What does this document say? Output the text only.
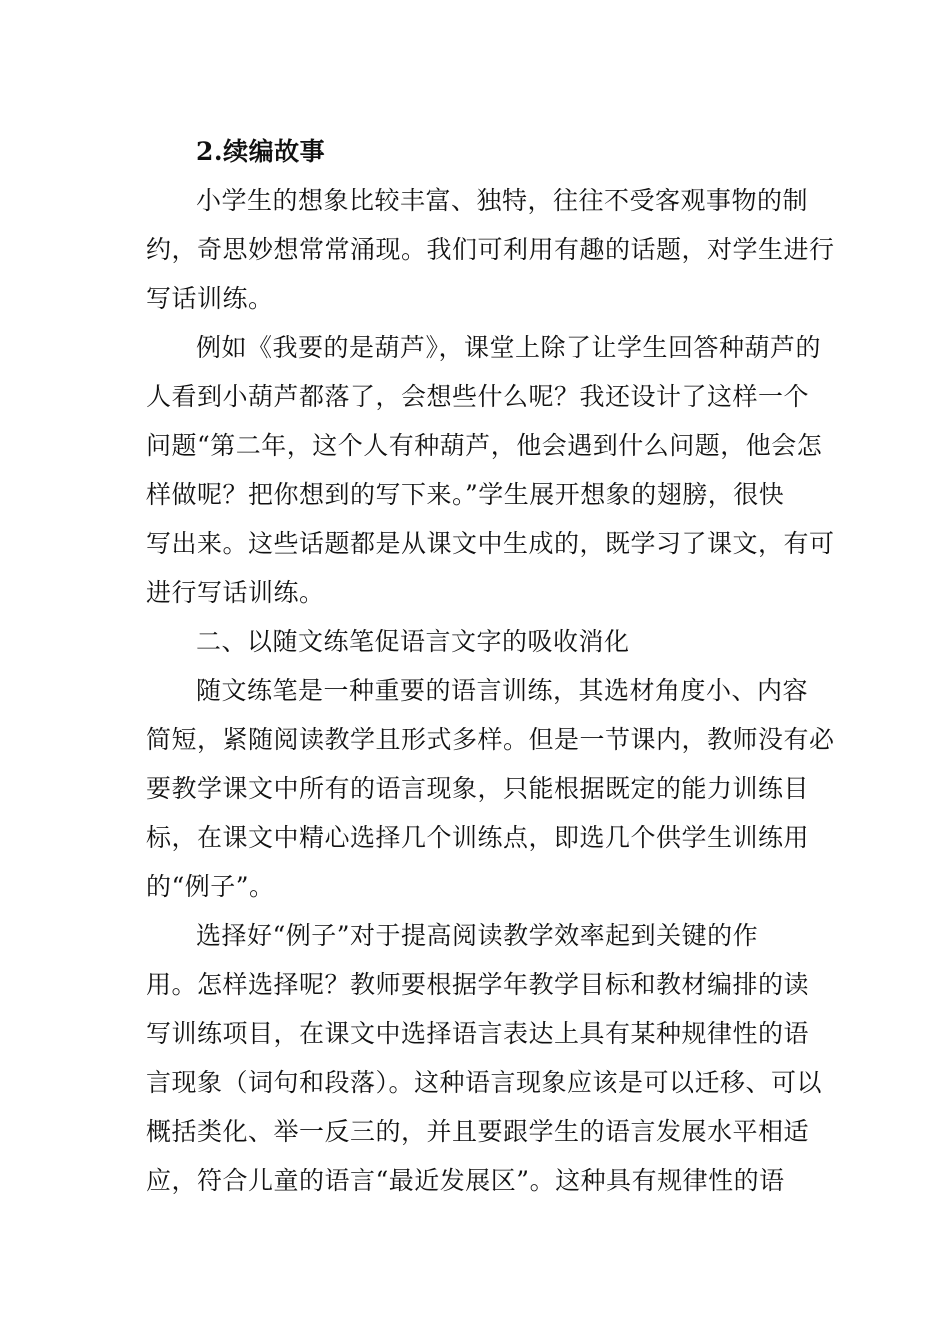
2.续编故事
小学生的想象比较丰富、独特，往往不受客观事物的制
约，奇思妙想常常涌现。我们可利用有趣的话题，对学生进行
写话训练。
例如《我要的是葫芦》，课堂上除了让学生回答种葫芦的
人看到小葫芦都落了，会想些什么呢？我还设计了这样一个
问题“第二年，这个人有种葫芦，他会遇到什么问题，他会怎
样做呢？把你想到的写下来。”学生展开想象的翅膀，很快
写出来。这些话题都是从课文中生成的，既学习了课文，有可
进行写话训练。
二、以随文练笔促语言文字的吸收消化
随文练笔是一种重要的语言训练，其选材角度小、内容
简短，紧随阅读教学且形式多样。但是一节课内，教师没有必
要教学课文中所有的语言现象，只能根据既定的能力训练目
标，在课文中精心选择几个训练点，即选几个供学生训练用
的“例子”。
选择好“例子”对于提高阅读教学效率起到关键的作
用。怎样选择呢？教师要根据学年教学目标和教材编排的读
写训练项目，在课文中选择语言表达上具有某种规律性的语
言现象（词句和段落）。这种语言现象应该是可以迁移、可以
概括类化、举一反三的，并且要跟学生的语言发展水平相适
应，符合儿童的语言“最近发展区”。这种具有规律性的语
